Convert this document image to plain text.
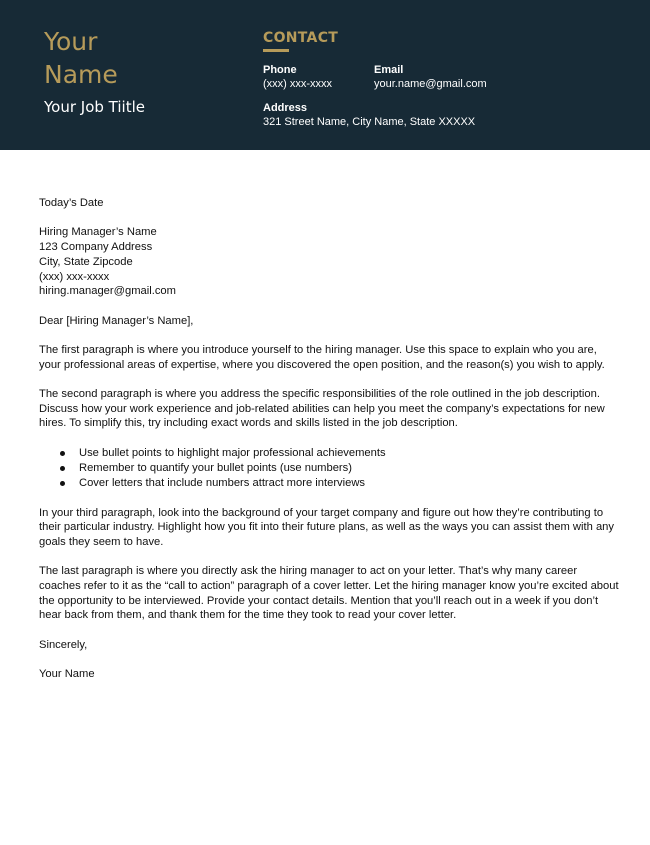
Your
Name
Your Job Tiitle
CONTACT
Phone
(xxx) xxx-xxxx
Email
your.name@gmail.com
Address
321 Street Name, City Name, State XXXXX

Today’s Date

Hiring Manager’s Name

123 Company Address

City, State Zipcode

(xxx) xxx-xxxx

hiring.manager@gmail.com

Dear [Hiring Manager’s Name],

The first paragraph is where you introduce yourself to the hiring manager. Use this space to explain who you are, your professional areas of expertise, where you discovered the open position, and the reason(s) you wish to apply.

The second paragraph is where you address the specific responsibilities of the role outlined in the job description. Discuss how your work experience and job-related abilities can help you meet the company’s expectations for new hires. To simplify this, try including exact words and skills listed in the job description.

Use bullet points to highlight major professional achievements
Remember to quantify your bullet points (use numbers)
Cover letters that include numbers attract more interviews

In your third paragraph, look into the background of your target company and figure out how they’re contributing to their particular industry. Highlight how you fit into their future plans, as well as the ways you can assist them with any goals they seem to have.

The last paragraph is where you directly ask the hiring manager to act on your letter. That’s why many career coaches refer to it as the “call to action” paragraph of a cover letter. Let the hiring manager know you’re excited about the opportunity to be interviewed. Provide your contact details. Mention that you’ll reach out in a week if you don’t hear back from them, and thank them for the time they took to read your cover letter.

Sincerely,

Your Name
